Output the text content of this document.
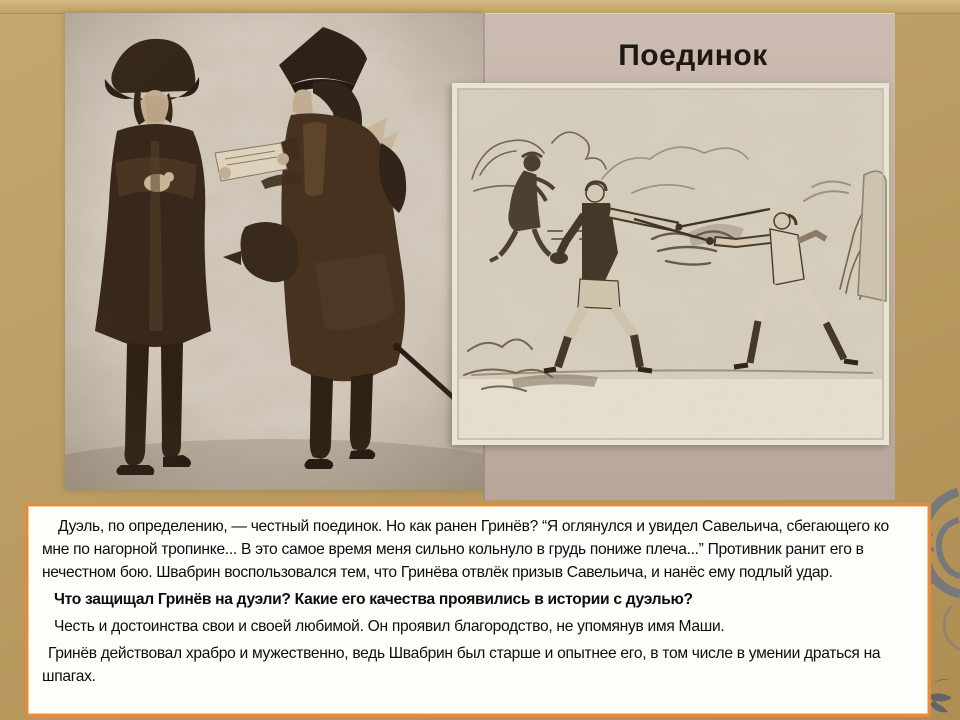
Поединок

Дуэль, по определению, — честный поединок. Но как ранен Гринёв? “Я оглянулся и увидел Савельича, сбегающего ко мне по нагорной тропинке... В это самое время меня сильно кольнуло в грудь пониже плеча...” Противник ранит его в нечестном бою. Швабрин воспользовался тем, что Гринёва отвлёк призыв Савельича, и нанёс ему подлый удар.

Что защищал Гринёв на дуэли? Какие его качества проявились в истории с дуэлью?

Честь и достоинства свои и своей любимой. Он проявил благородство, не упомянув имя Маши.

Гринёв действовал храбро и мужественно, ведь Швабрин был старше и опытнее его, в том числе в умении драться на шпагах.
